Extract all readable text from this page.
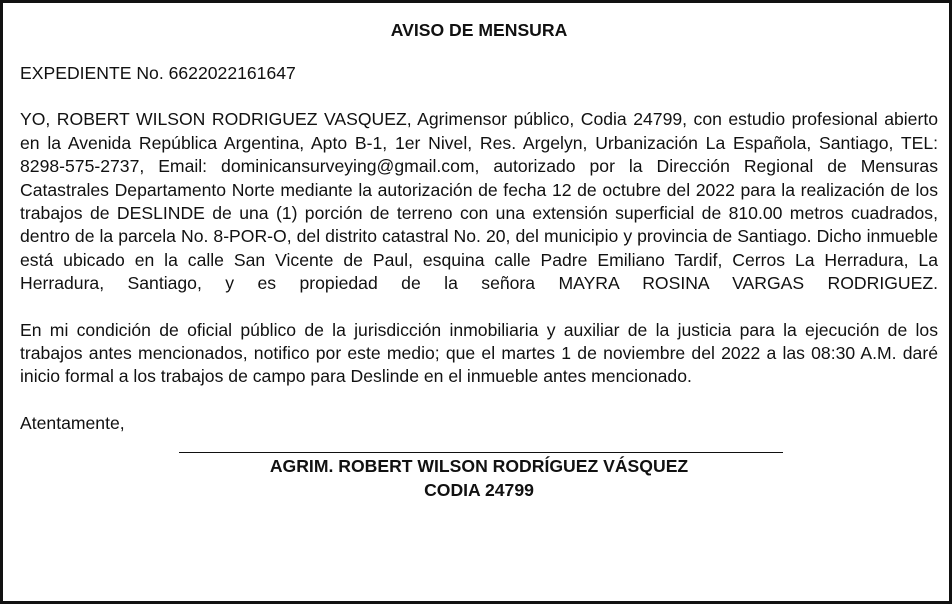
AVISO DE MENSURA
EXPEDIENTE No. 6622022161647
YO, ROBERT WILSON RODRIGUEZ VASQUEZ, Agrimensor público, Codia 24799, con estudio profesional abierto en la Avenida República Argentina, Apto B-1, 1er Nivel, Res. Argelyn, Urbanización La Española, Santiago, TEL: 8298-575-2737, Email: dominicansurveying@gmail.com, autorizado por la Dirección Regional de Mensuras Catastrales Departamento Norte mediante la autorización de fecha 12 de octubre del 2022 para la realización de los trabajos de DESLINDE de una (1) porción de terreno con una extensión superficial de 810.00 metros cuadrados, dentro de la parcela No. 8-POR-O, del distrito catastral No. 20, del municipio y provincia de Santiago. Dicho inmueble está ubicado en la calle San Vicente de Paul, esquina calle Padre Emiliano Tardif, Cerros La Herradura, La Herradura, Santiago, y es propiedad de la señora MAYRA ROSINA VARGAS RODRIGUEZ.
En mi condición de oficial público de la jurisdicción inmobiliaria y auxiliar de la justicia para la ejecución de los trabajos antes mencionados, notifico por este medio; que el martes 1 de noviembre del 2022 a las 08:30 A.M. daré inicio formal a los trabajos de campo para Deslinde en el inmueble antes mencionado.
Atentamente,
AGRIM. ROBERT WILSON RODRÍGUEZ VÁSQUEZ
CODIA 24799
